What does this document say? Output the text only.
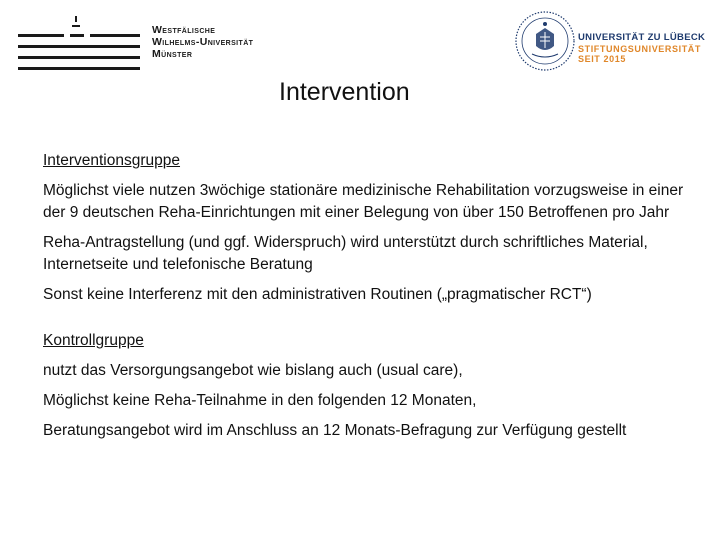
Westfälische
Wilhelms-Universität
Münster
UNIVERSITÄT ZU LÜBECK
STIFTUNGSUNIVERSITÄT
SEIT 2015
Intervention
Interventionsgruppe
Möglichst viele nutzen 3wöchige stationäre medizinische Rehabilitation vorzugsweise in einer der 9 deutschen Reha-Einrichtungen mit einer Belegung von über 150 Betroffenen pro Jahr
Reha-Antragstellung (und ggf. Widerspruch) wird unterstützt durch schriftliches Material, Internetseite und telefonische Beratung
Sonst keine Interferenz mit den administrativen Routinen („pragmatischer RCT“)
Kontrollgruppe
nutzt das Versorgungsangebot wie bislang auch (usual care),
Möglichst keine Reha-Teilnahme in den folgenden 12 Monaten,
Beratungsangebot wird im Anschluss an 12 Monats-Befragung zur Verfügung gestellt
